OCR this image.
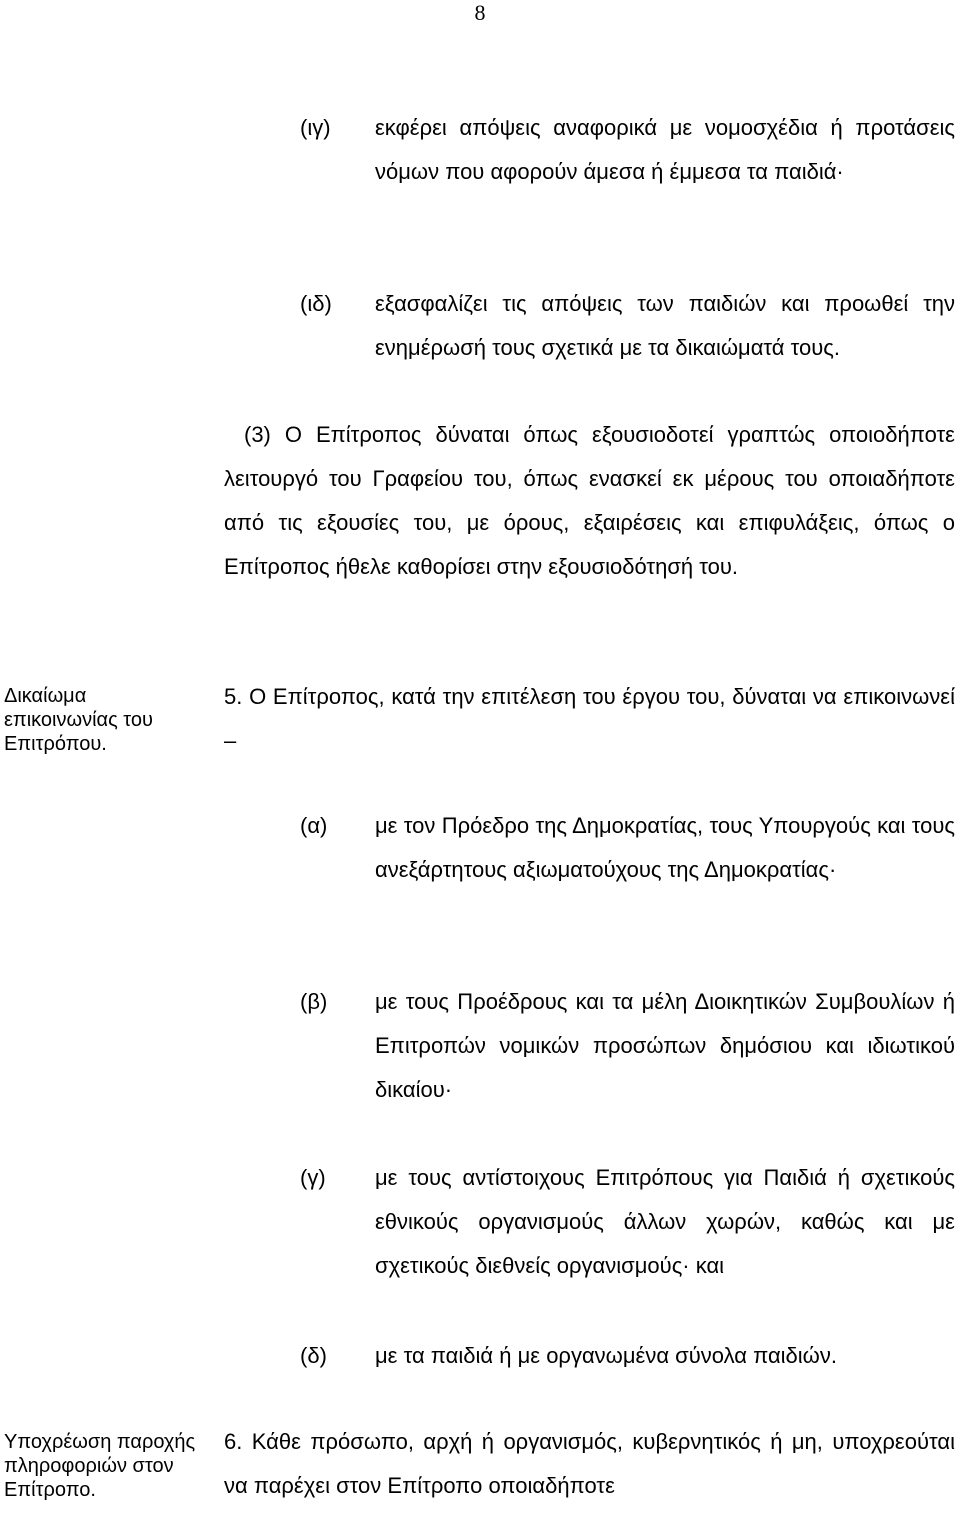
8
(ιγ) εκφέρει απόψεις αναφορικά με νομοσχέδια ή προτάσεις νόμων που αφορούν άμεσα ή έμμεσα τα παιδιά·
(ιδ) εξασφαλίζει τις απόψεις των παιδιών και προωθεί την ενημέρωσή τους σχετικά με τα δικαιώματά τους.
(3) Ο Επίτροπος δύναται όπως εξουσιοδοτεί γραπτώς οποιοδήποτε λειτουργό του Γραφείου του, όπως ενασκεί εκ μέρους του οποιαδήποτε από τις εξουσίες του, με όρους, εξαιρέσεις και επιφυλάξεις, όπως ο Επίτροπος ήθελε καθορίσει στην εξουσιοδότησή του.
Δικαίωμα επικοινωνίας του Επιτρόπου.
5. Ο Επίτροπος, κατά την επιτέλεση του έργου του, δύναται να επικοινωνεί –
(α) με τον Πρόεδρο της Δημοκρατίας, τους Υπουργούς και τους ανεξάρτητους αξιωματούχους της Δημοκρατίας·
(β) με τους Προέδρους και τα μέλη Διοικητικών Συμβουλίων ή Επιτροπών νομικών προσώπων δημόσιου και ιδιωτικού δικαίου·
(γ) με τους αντίστοιχους Επιτρόπους για Παιδιά ή σχετικούς εθνικούς οργανισμούς άλλων χωρών, καθώς και με σχετικούς διεθνείς οργανισμούς· και
(δ) με τα παιδιά ή με οργανωμένα σύνολα παιδιών.
Υποχρέωση παροχής πληροφοριών στον Επίτροπο.
6. Κάθε πρόσωπο, αρχή ή οργανισμός, κυβερνητικός ή μη, υποχρεούται να παρέχει στον Επίτροπο οποιαδήποτε
